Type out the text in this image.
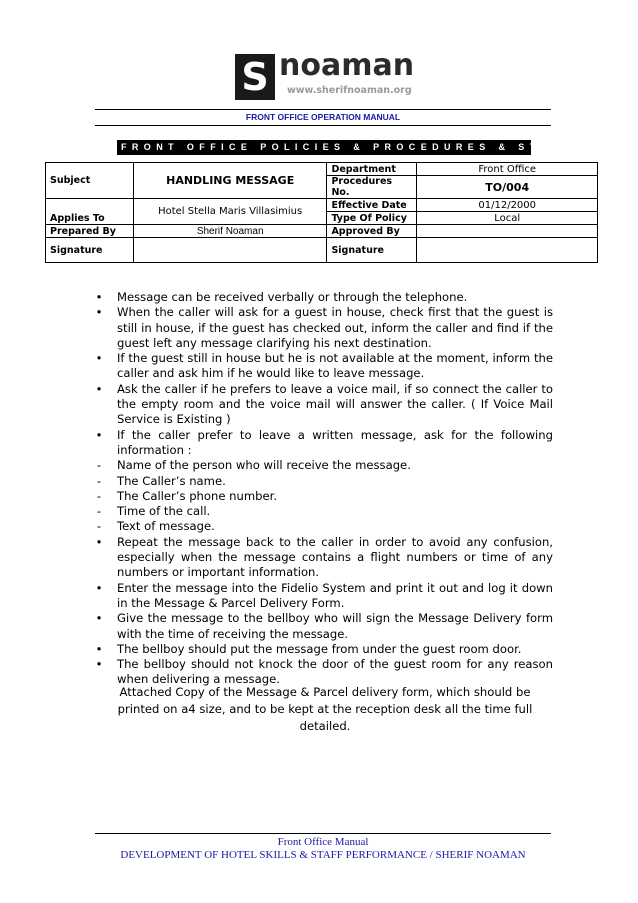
S noaman
www.sherifnoaman.org
FRONT OFFICE OPERATION MANUAL
FRONT OFFICE POLICIES & PROCEDURES & STANDARDS
Subject	HANDLING MESSAGE	Department	Front Office
		Procedures No.	TO/004
Applies To	Hotel Stella Maris Villasimius	Effective Date	01/12/2000
		Type Of Policy	Local
Prepared By	Sherif Noaman	Approved By	
Signature		Signature	
• Message can be received verbally or through the telephone.
• When the caller will ask for a guest in house, check first that the guest is still in house, if the guest has checked out, inform the caller and find if the guest left any message clarifying his next destination.
• If the guest still in house but he is not available at the moment, inform the caller and ask him if he would like to leave message.
• Ask the caller if he prefers to leave a voice mail, if so connect the caller to the empty room and the voice mail will answer the caller. ( If Voice Mail Service is Existing )
• If the caller prefer to leave a written message, ask for the following information :
-	Name of the person who will receive the message.
-	The Caller’s name.
-	The Caller’s phone number.
-	Time of the call.
-	Text of message.
• Repeat the message back to the caller in order to avoid any confusion, especially when the message contains a flight numbers or time of any numbers or important information.
• Enter the message into the Fidelio System and print it out and log it down in the Message & Parcel Delivery Form.
• Give the message to the bellboy who will sign the Message Delivery form with the time of receiving the message.
• The bellboy should put the message from under the guest room door.
• The bellboy should not knock the door of the guest room for any reason when delivering a message.
Attached Copy of the Message & Parcel delivery form, which should be printed on a4 size, and to be kept at the reception desk all the time full detailed.
Front Office Manual
DEVELOPMENT OF HOTEL SKILLS & STAFF PERFORMANCE / SHERIF NOAMAN
